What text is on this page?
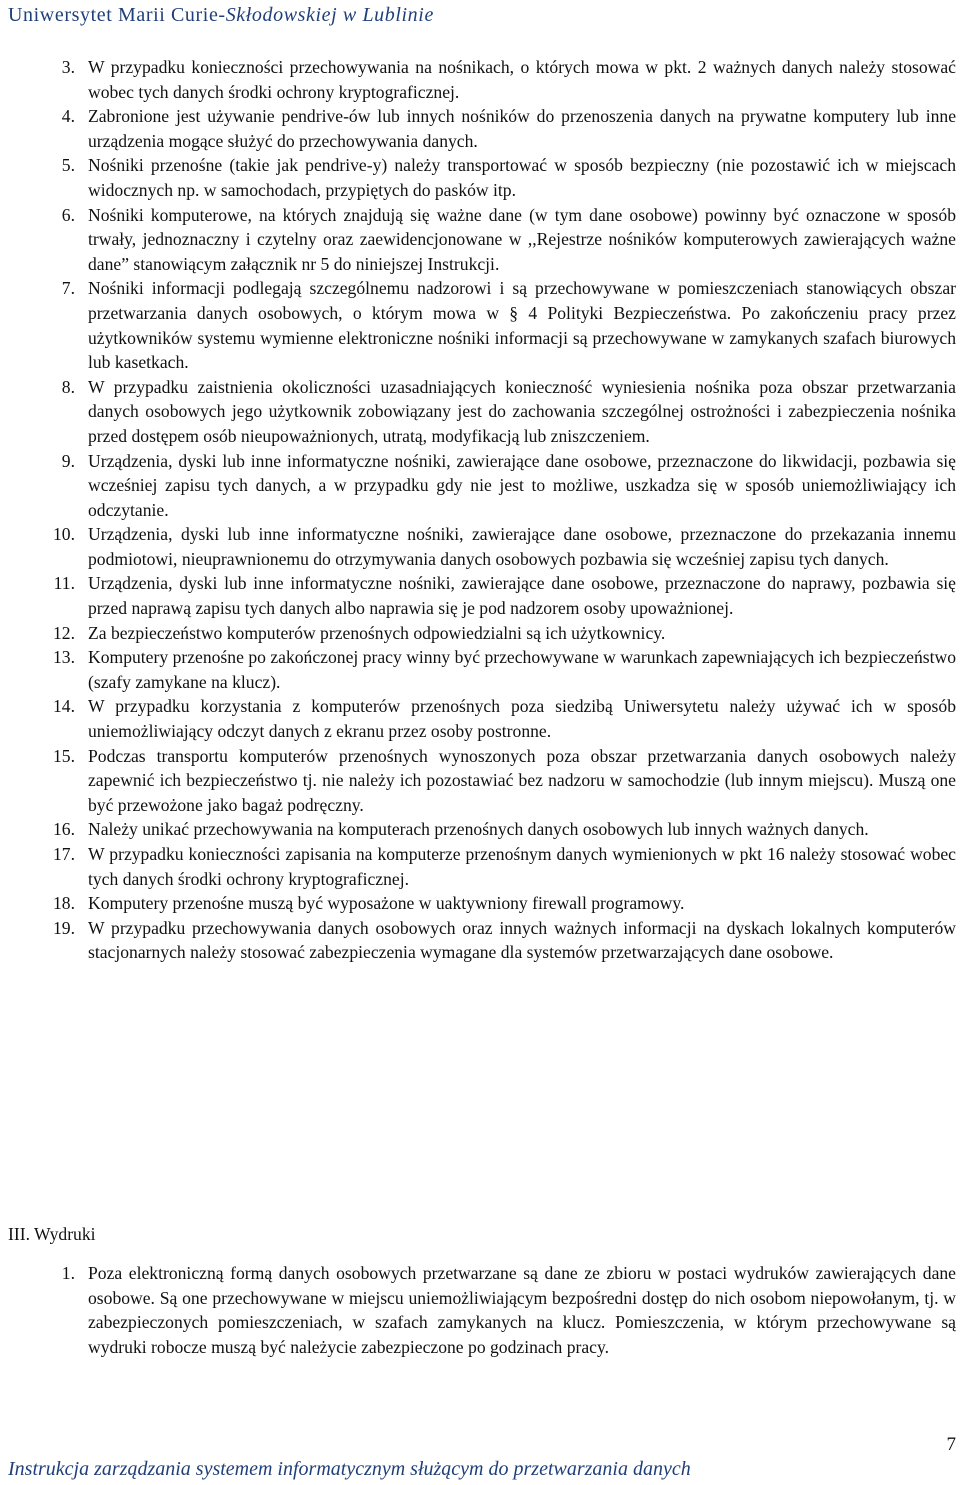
Uniwersytet Marii Curie-Skłodowskiej w Lublinie
3. W przypadku konieczności przechowywania na nośnikach, o których mowa w pkt. 2 ważnych danych należy stosować wobec tych danych środki ochrony kryptograficznej.
4. Zabronione jest używanie pendrive-ów lub innych nośników do przenoszenia danych na prywatne komputery lub inne urządzenia mogące służyć do przechowywania danych.
5. Nośniki przenośne (takie jak pendrive-y) należy transportować w sposób bezpieczny (nie pozostawić ich w miejscach widocznych np. w samochodach, przypiętych do pasków itp.
6. Nośniki komputerowe, na których znajdują się ważne dane (w tym dane osobowe) powinny być oznaczone w sposób trwały, jednoznaczny i czytelny oraz zaewidencjonowane w ,,Rejestrze nośników komputerowych zawierających ważne dane” stanowiącym załącznik nr 5 do niniejszej Instrukcji.
7. Nośniki informacji podlegają szczególnemu nadzorowi i są przechowywane w pomieszczeniach stanowiących obszar przetwarzania danych osobowych, o którym mowa w § 4 Polityki Bezpieczeństwa. Po zakończeniu pracy przez użytkowników systemu wymienne elektroniczne nośniki informacji są przechowywane w zamykanych szafach biurowych lub kasetkach.
8. W przypadku zaistnienia okoliczności uzasadniających konieczność wyniesienia nośnika poza obszar przetwarzania danych osobowych jego użytkownik zobowiązany jest do zachowania szczególnej ostrożności i zabezpieczenia nośnika przed dostępem osób nieupoważnionych, utratą, modyfikacją lub zniszczeniem.
9. Urządzenia, dyski lub inne informatyczne nośniki, zawierające dane osobowe, przeznaczone do likwidacji, pozbawia się wcześniej zapisu tych danych, a w przypadku gdy nie jest to możliwe, uszkadza się w sposób uniemożliwiający ich odczytanie.
10. Urządzenia, dyski lub inne informatyczne nośniki, zawierające dane osobowe, przeznaczone do przekazania innemu podmiotowi, nieuprawnionemu do otrzymywania danych osobowych pozbawia się wcześniej zapisu tych danych.
11. Urządzenia, dyski lub inne informatyczne nośniki, zawierające dane osobowe, przeznaczone do naprawy, pozbawia się przed naprawą zapisu tych danych albo naprawia się je pod nadzorem osoby upoważnionej.
12. Za bezpieczeństwo komputerów przenośnych odpowiedzialni są ich użytkownicy.
13. Komputery przenośne po zakończonej pracy winny być przechowywane w warunkach zapewniających ich bezpieczeństwo (szafy zamykane na klucz).
14. W przypadku korzystania z komputerów przenośnych poza siedzibą Uniwersytetu należy używać ich w sposób uniemożliwiający odczyt danych z ekranu przez osoby postronne.
15. Podczas transportu komputerów przenośnych wynoszonych poza obszar przetwarzania danych osobowych należy zapewnić ich bezpieczeństwo tj. nie należy ich pozostawiać bez nadzoru w samochodzie (lub innym miejscu). Muszą one być przewożone jako bagaż podręczny.
16. Należy unikać przechowywania na komputerach przenośnych danych osobowych lub innych ważnych danych.
17. W przypadku konieczności zapisania na komputerze przenośnym danych wymienionych w pkt 16 należy stosować wobec tych danych środki ochrony kryptograficznej.
18. Komputery przenośne muszą być wyposażone w uaktywniony firewall programowy.
19. W przypadku przechowywania danych osobowych oraz innych ważnych informacji na dyskach lokalnych komputerów stacjonarnych należy stosować zabezpieczenia wymagane dla systemów przetwarzających dane osobowe.
III. Wydruki
1. Poza elektroniczną formą danych osobowych przetwarzane są dane ze zbioru w postaci wydruków zawierających dane osobowe. Są one przechowywane w miejscu uniemożliwiającym bezpośredni dostęp do nich osobom niepowołanym, tj. w zabezpieczonych pomieszczeniach, w szafach zamykanych na klucz. Pomieszczenia, w którym przechowywane są wydruki robocze muszą być należycie zabezpieczone po godzinach pracy.
7
Instrukcja zarządzania systemem informatycznym służącym do przetwarzania danych
